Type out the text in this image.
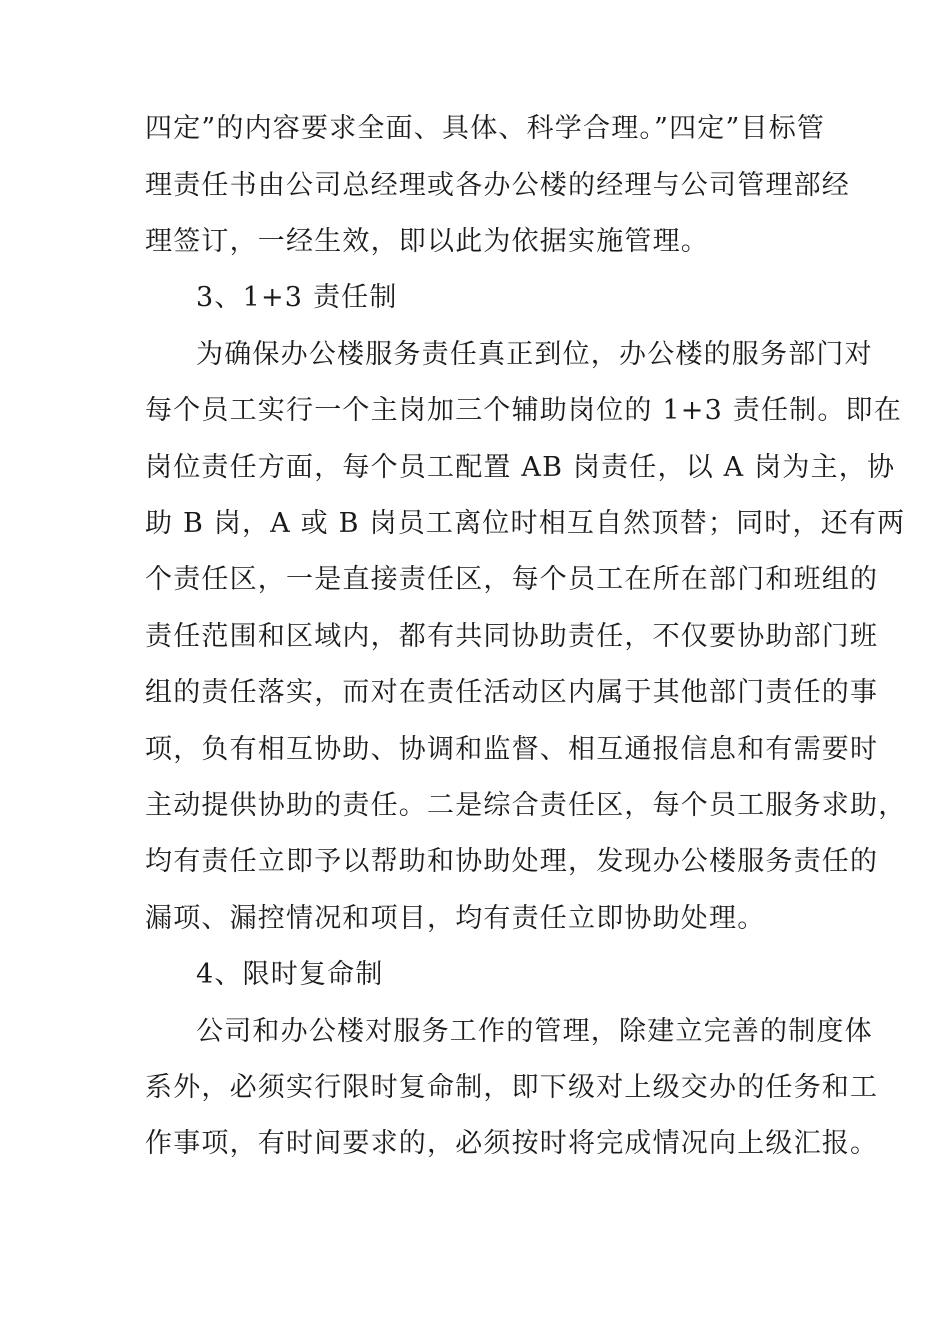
四定”的内容要求全面、具体、科学合理。”四定”目标管
理责任书由公司总经理或各办公楼的经理与公司管理部经
理签订，一经生效，即以此为依据实施管理。
3、1+3 责任制
为确保办公楼服务责任真正到位，办公楼的服务部门对
每个员工实行一个主岗加三个辅助岗位的 1+3 责任制。即在
岗位责任方面，每个员工配置 AB 岗责任，以 A 岗为主，协
助 B 岗，A 或 B 岗员工离位时相互自然顶替；同时，还有两
个责任区，一是直接责任区，每个员工在所在部门和班组的
责任范围和区域内，都有共同协助责任，不仅要协助部门班
组的责任落实，而对在责任活动区内属于其他部门责任的事
项，负有相互协助、协调和监督、相互通报信息和有需要时
主动提供协助的责任。二是综合责任区，每个员工服务求助，
均有责任立即予以帮助和协助处理，发现办公楼服务责任的
漏项、漏控情况和项目，均有责任立即协助处理。
4、限时复命制
公司和办公楼对服务工作的管理，除建立完善的制度体
系外，必须实行限时复命制，即下级对上级交办的任务和工
作事项，有时间要求的，必须按时将完成情况向上级汇报。
